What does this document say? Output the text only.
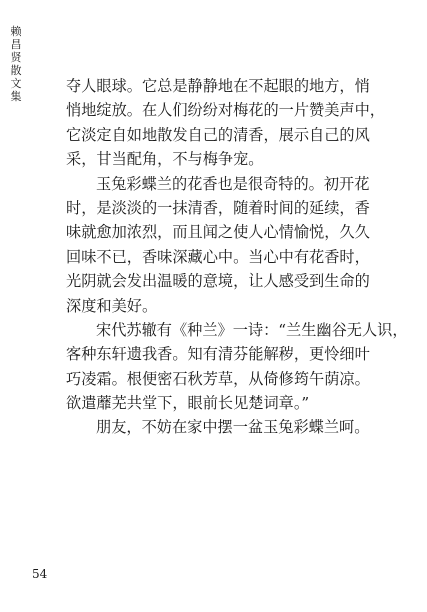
赖昌贤散文集
夺人眼球。它总是静静地在不起眼的地方，悄
悄地绽放。在人们纷纷对梅花的一片赞美声中，
它淡定自如地散发自己的清香，展示自己的风
采，甘当配角，不与梅争宠。
玉兔彩蝶兰的花香也是很奇特的。初开花
时，是淡淡的一抹清香，随着时间的延续，香
味就愈加浓烈，而且闻之使人心情愉悦，久久
回味不已，香味深藏心中。当心中有花香时，
光阴就会发出温暖的意境，让人感受到生命的
深度和美好。
宋代苏辙有《种兰》一诗：“兰生幽谷无人识，
客种东轩遗我香。知有清芬能解秽，更怜细叶
巧凌霜。根便密石秋芳草，从倚修筠午荫凉。
欲遣蘼芜共堂下，眼前长见楚词章。”
朋友，不妨在家中摆一盆玉兔彩蝶兰呵。
54
